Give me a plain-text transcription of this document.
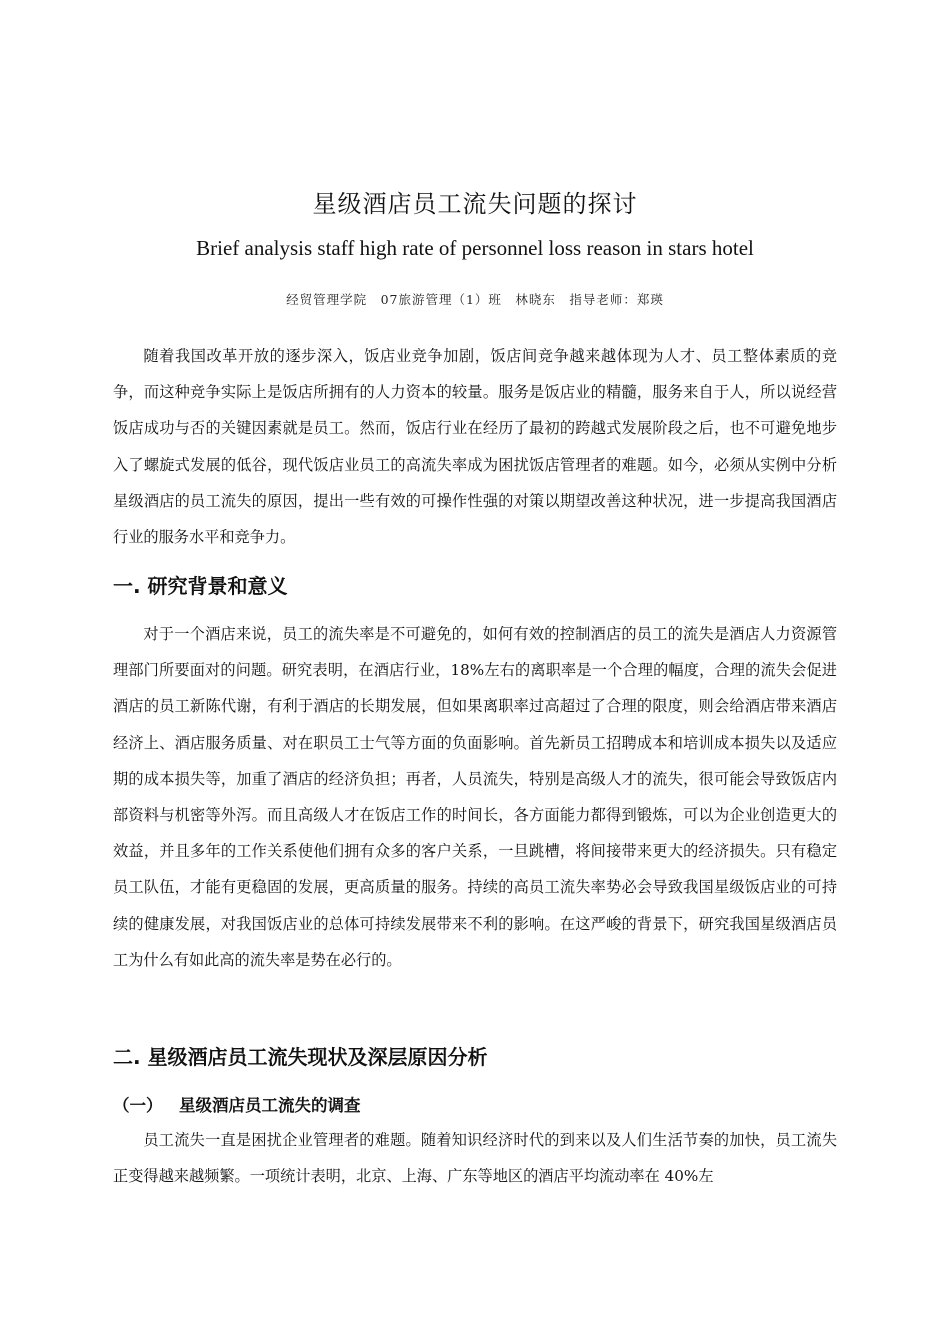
星级酒店员工流失问题的探讨
Brief analysis staff high rate of personnel loss reason in stars hotel
经贸管理学院　07旅游管理（1）班　林晓东　指导老师：郑瑛

随着我国改革开放的逐步深入，饭店业竞争加剧，饭店间竞争越来越体现为人才、员工整体素质的竞争，而这种竞争实际上是饭店所拥有的人力资本的较量。服务是饭店业的精髓，服务来自于人，所以说经营饭店成功与否的关键因素就是员工。然而，饭店行业在经历了最初的跨越式发展阶段之后，也不可避免地步入了螺旋式发展的低谷，现代饭店业员工的高流失率成为困扰饭店管理者的难题。如今，必须从实例中分析星级酒店的员工流失的原因，提出一些有效的可操作性强的对策以期望改善这种状况，进一步提高我国酒店行业的服务水平和竞争力。

一. 研究背景和意义

对于一个酒店来说，员工的流失率是不可避免的，如何有效的控制酒店的员工的流失是酒店人力资源管理部门所要面对的问题。研究表明，在酒店行业，18%左右的离职率是一个合理的幅度，合理的流失会促进酒店的员工新陈代谢，有利于酒店的长期发展，但如果离职率过高超过了合理的限度，则会给酒店带来酒店经济上、酒店服务质量、对在职员工士气等方面的负面影响。首先新员工招聘成本和培训成本损失以及适应期的成本损失等，加重了酒店的经济负担；再者，人员流失，特别是高级人才的流失，很可能会导致饭店内部资料与机密等外泻。而且高级人才在饭店工作的时间长，各方面能力都得到锻炼，可以为企业创造更大的效益，并且多年的工作关系使他们拥有众多的客户关系，一旦跳槽，将间接带来更大的经济损失。只有稳定员工队伍，才能有更稳固的发展，更高质量的服务。持续的高员工流失率势必会导致我国星级饭店业的可持续的健康发展，对我国饭店业的总体可持续发展带来不利的影响。在这严峻的背景下，研究我国星级酒店员工为什么有如此高的流失率是势在必行的。

二. 星级酒店员工流失现状及深层原因分析
（一） 星级酒店员工流失的调查

员工流失一直是困扰企业管理者的难题。随着知识经济时代的到来以及人们生活节奏的加快，员工流失正变得越来越频繁。一项统计表明，北京、上海、广东等地区的酒店平均流动率在 40%左
